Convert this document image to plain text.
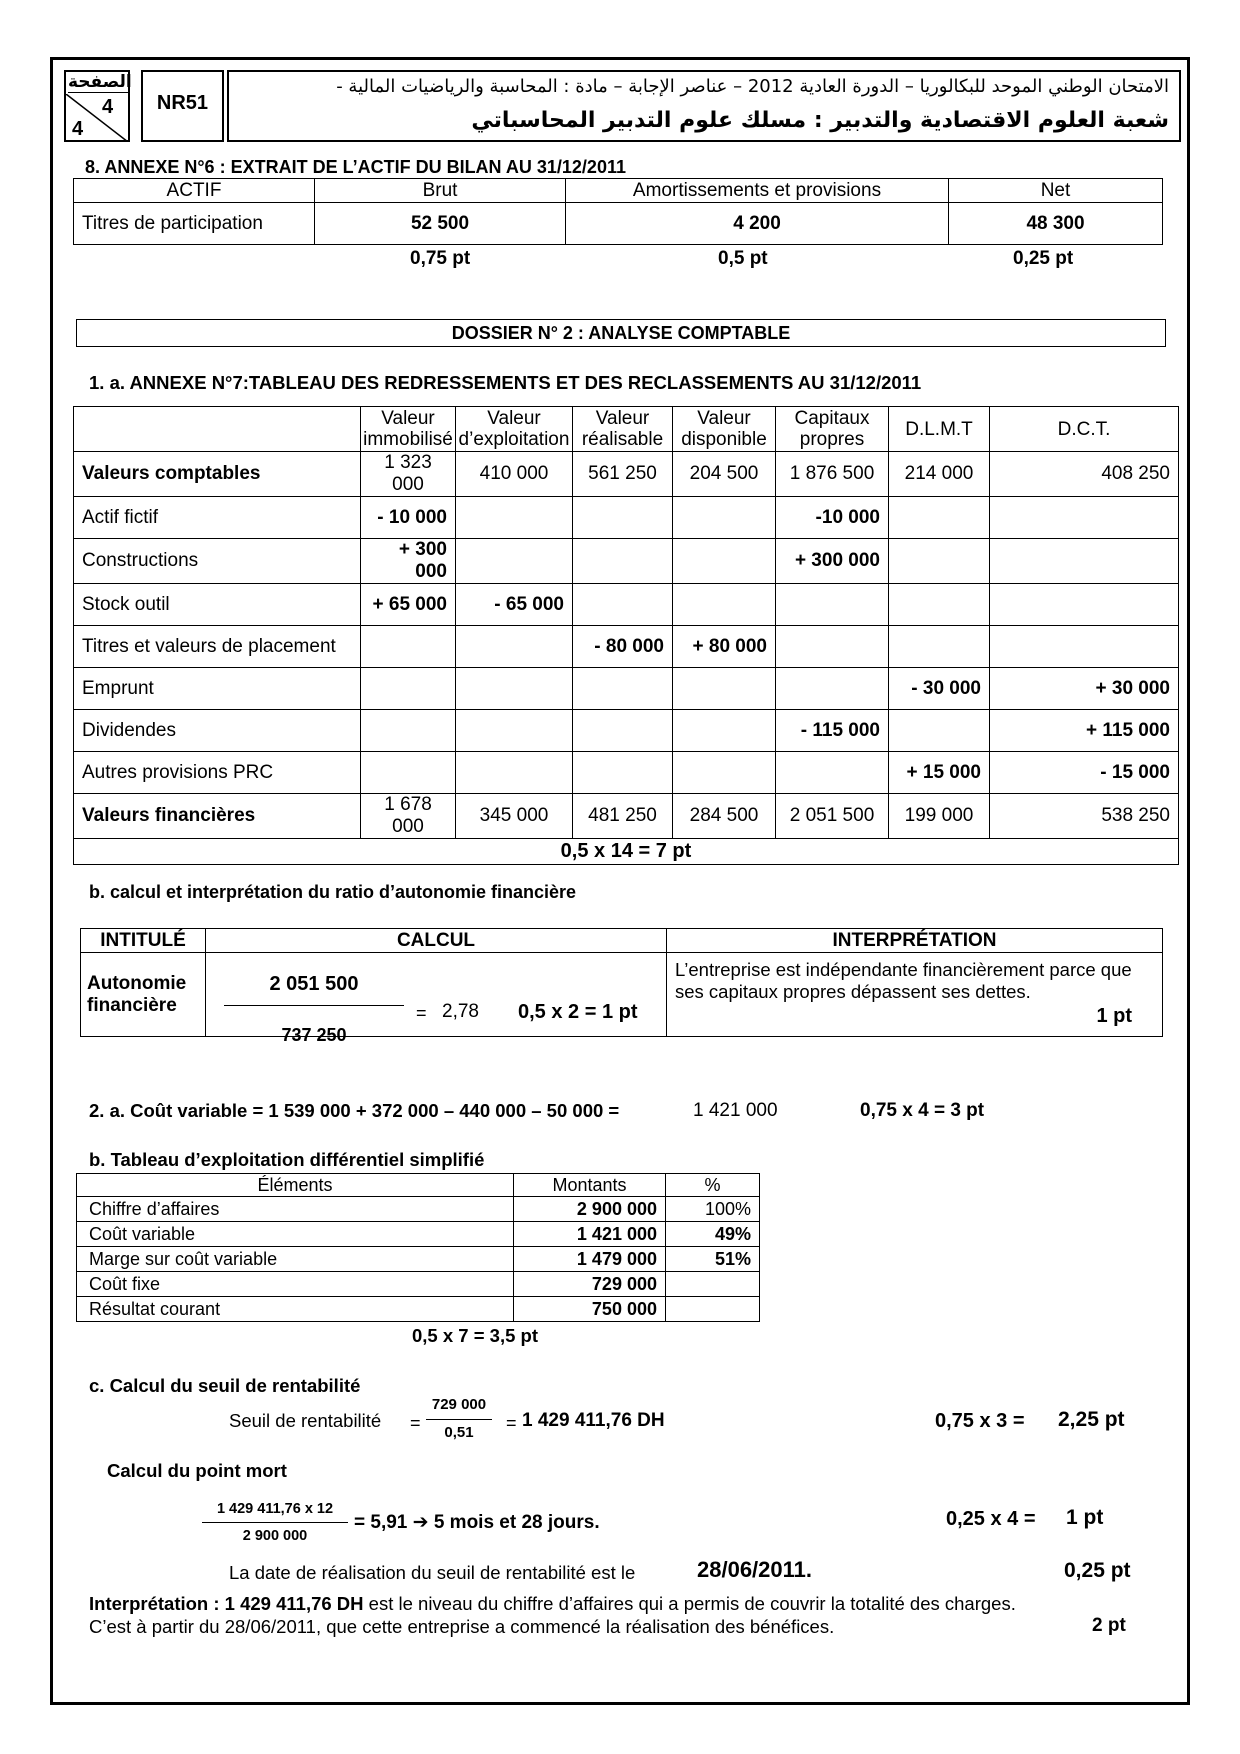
الصفحة
4
4
NR51
الامتحان الوطني الموحد للبكالوريا – الدورة العادية 2012 – عناصر الإجابة – مادة : المحاسبة والرياضيات المالية -
شعبة العلوم الاقتصادية والتدبير : مسلك علوم التدبير المحاسباتي
8. ANNEXE N°6 : EXTRAIT DE L’ACTIF DU BILAN AU 31/12/2011
ACTIF	Brut	Amortissements et provisions	Net
Titres de participation	52 500	4 200	48 300
0,75 pt	0,5 pt	0,25 pt
DOSSIER N° 2 : ANALYSE COMPTABLE
1. a. ANNEXE N°7:TABLEAU DES REDRESSEMENTS ET DES RECLASSEMENTS AU 31/12/2011
	Valeur immobilisé	Valeur d’exploitation	Valeur réalisable	Valeur disponible	Capitaux propres	D.L.M.T	D.C.T.
Valeurs comptables	1 323 000	410 000	561 250	204 500	1 876 500	214 000	408 250
Actif fictif	- 10 000				-10 000		
Constructions	+ 300 000				+ 300 000		
Stock outil	+ 65 000	- 65 000					
Titres et valeurs de placement			- 80 000	+ 80 000			
Emprunt						- 30 000	+ 30 000
Dividendes					- 115 000		+ 115 000
Autres provisions PRC						+ 15 000	- 15 000
Valeurs financières	1 678 000	345 000	481 250	284 500	2 051 500	199 000	538 250
0,5 x 14 = 7 pt							
b. calcul et interprétation du ratio d’autonomie financière
INTITULÉ	CALCUL	INTERPRÉTATION
Autonomie financière		L’entreprise est indépendante financièrement parce que ses capitaux propres dépassent ses dettes.
1 pt
2 051 500
737 250
= 2,78 0,5 x 2 = 1 pt
2. a. Coût variable = 1 539 000 + 372 000 – 440 000 – 50 000 =	1 421 000	0,75 x 4 = 3 pt
b. Tableau d’exploitation différentiel simplifié
Éléments	Montants	%
Chiffre d’affaires	2 900 000	100%
Coût variable	1 421 000	49%
Marge sur coût variable	1 479 000	51%
Coût fixe	729 000	
Résultat courant	750 000	
0,5 x 7 = 3,5 pt
c. Calcul du seuil de rentabilité
Seuil de rentabilité =
729 000
0,51	= 1 429 411,76 DH	0,75 x 3 = 2,25 pt
Calcul du point mort
1 429 411,76 x 12
2 900 000
= 5,91 ➔ 5 mois et 28 jours.	0,25 x 4 = 1 pt
La date de réalisation du seuil de rentabilité est le	28/06/2011.	0,25 pt
Interprétation : 1 429 411,76 DH est le niveau du chiffre d’affaires qui a permis de couvrir la totalité des charges.
C’est à partir du 28/06/2011, que cette entreprise a commencé la réalisation des bénéfices.	2 pt
